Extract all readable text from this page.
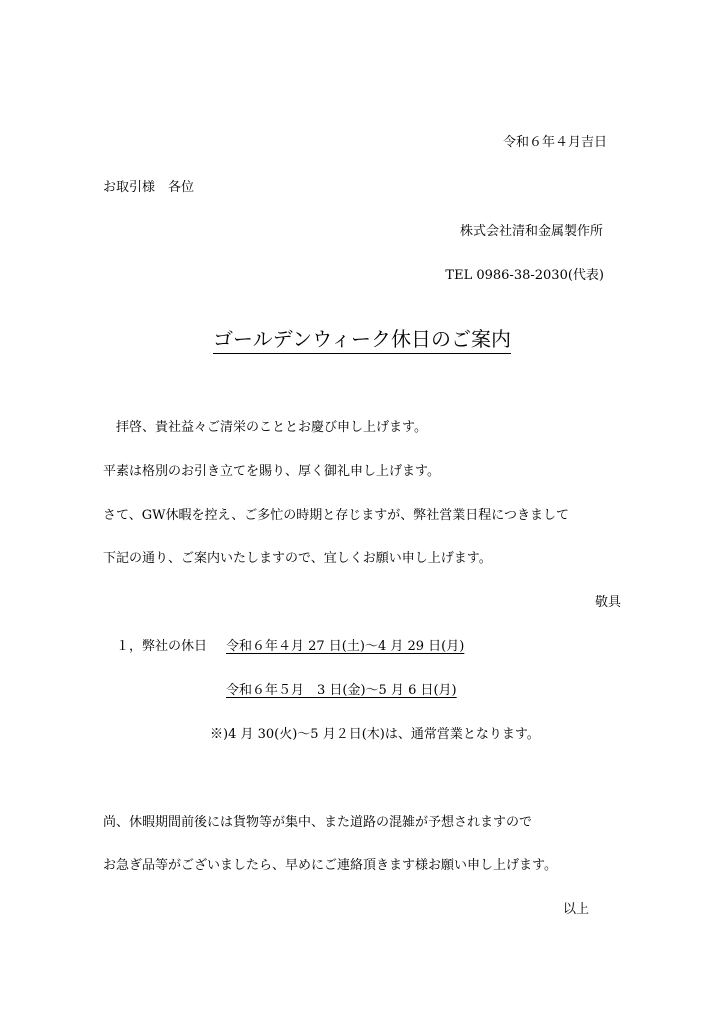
令和６年４月吉日
お取引様　各位
株式会社清和金属製作所
TEL 0986-38-2030(代表)
ゴールデンウィーク休日のご案内
拝啓、貴社益々ご清栄のこととお慶び申し上げます。
平素は格別のお引き立てを賜り、厚く御礼申し上げます。
さて、GW休暇を控え、ご多忙の時期と存じますが、弊社営業日程につきまして
下記の通り、ご案内いたしますので、宜しくお願い申し上げます。
敬具
１，弊社の休日 令和６年４月 27 日(土)～4 月 29 日(月)
令和６年５月　3 日(金)～5 月 6 日(月)
※)4 月 30(火)～5 月２日(木)は、通常営業となります。
尚、休暇期間前後には貨物等が集中、また道路の混雑が予想されますので
お急ぎ品等がございましたら、早めにご連絡頂きます様お願い申し上げます。
以上
